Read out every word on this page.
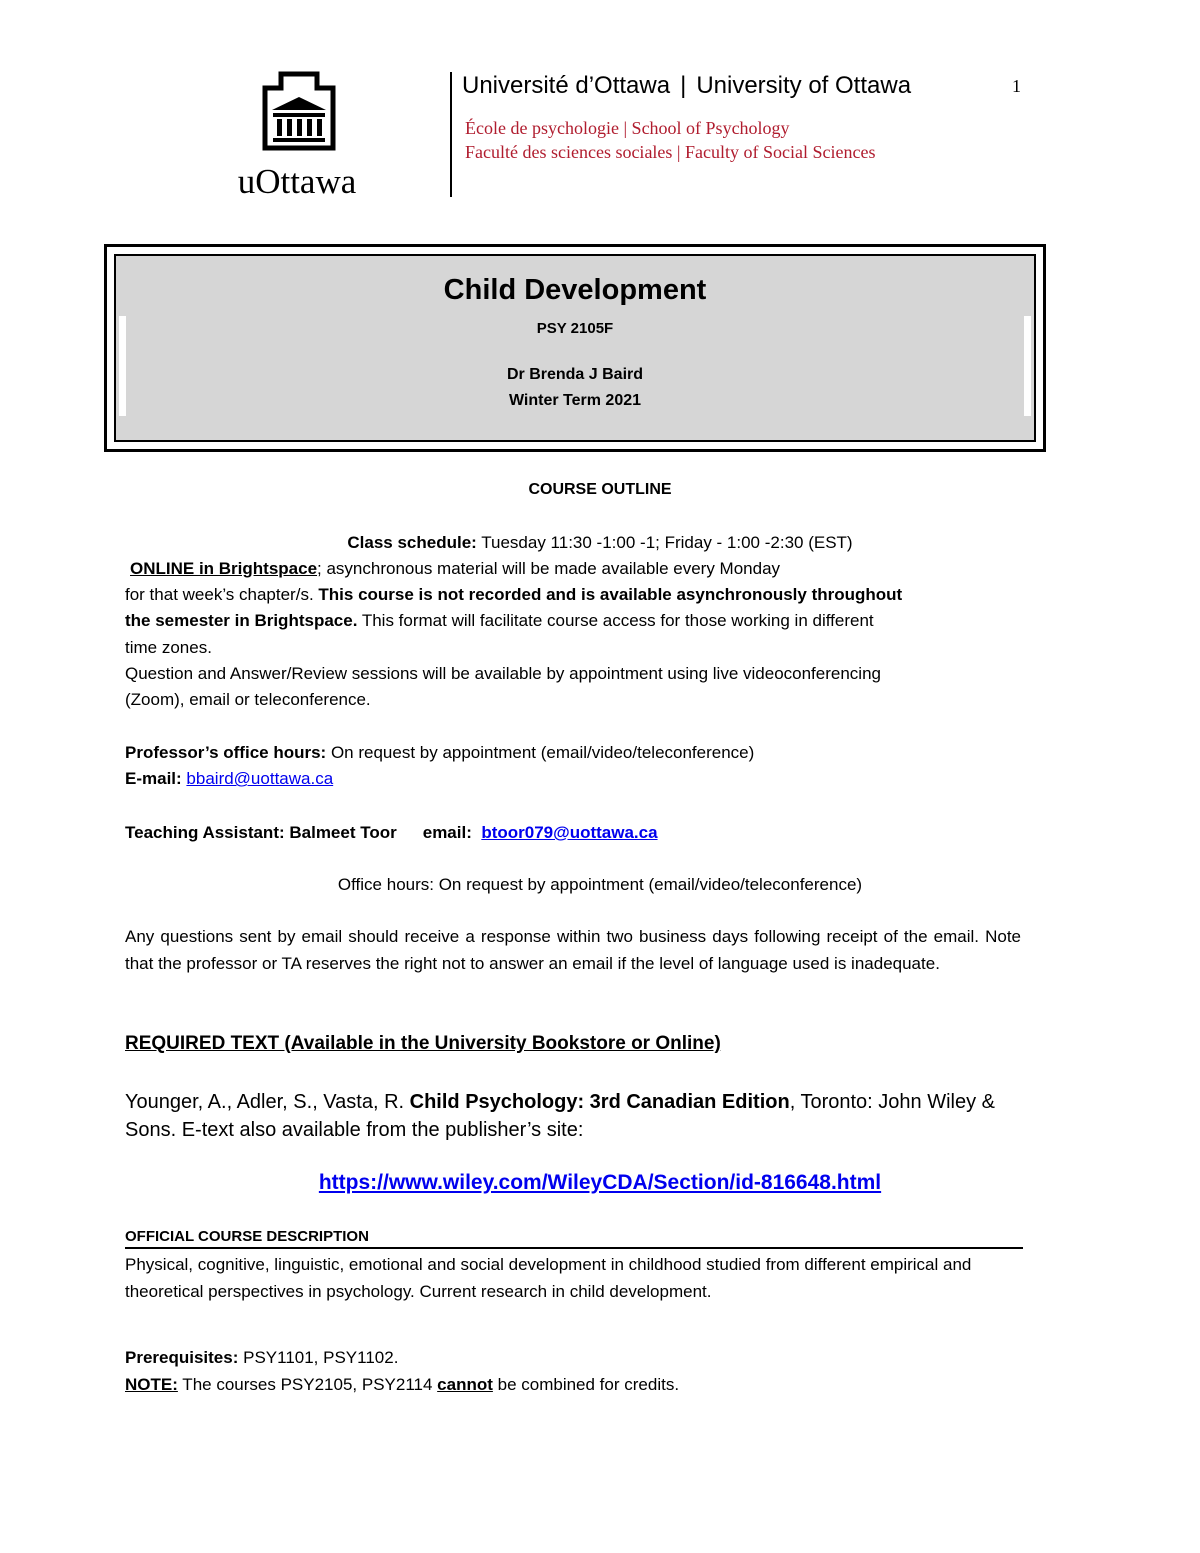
uOttawa
Université d’Ottawa | University of Ottawa
École de psychologie | School of Psychology
Faculté des sciences sociales | Faculty of Social Sciences
1
Child Development
PSY 2105F
Dr Brenda J Baird
Winter Term 2021
COURSE OUTLINE
Class schedule: Tuesday 11:30 -1:00 -1; Friday - 1:00 -2:30 (EST)
ONLINE in Brightspace; asynchronous material will be made available every Monday
for that week’s chapter/s. This course is not recorded and is available asynchronously throughout
the semester in Brightspace. This format will facilitate course access for those working in different
time zones.
Question and Answer/Review sessions will be available by appointment using live videoconferencing
(Zoom), email or teleconference.
Professor’s office hours: On request by appointment (email/video/teleconference)
E-mail: bbaird@uottawa.ca
Teaching Assistant: Balmeet Toor email: btoor079@uottawa.ca
Office hours: On request by appointment (email/video/teleconference)
Any questions sent by email should receive a response within two business days following receipt of the email. Note that the professor or TA reserves the right not to answer an email if the level of language used is inadequate.
REQUIRED TEXT (Available in the University Bookstore or Online)
Younger, A., Adler, S., Vasta, R. Child Psychology: 3rd Canadian Edition, Toronto: John Wiley & Sons. E-text also available from the publisher’s site:
https://www.wiley.com/WileyCDA/Section/id-816648.html
OFFICIAL COURSE DESCRIPTION
Physical, cognitive, linguistic, emotional and social development in childhood studied from different empirical and theoretical perspectives in psychology. Current research in child development.
Prerequisites: PSY1101, PSY1102.
NOTE: The courses PSY2105, PSY2114 cannot be combined for credits.
